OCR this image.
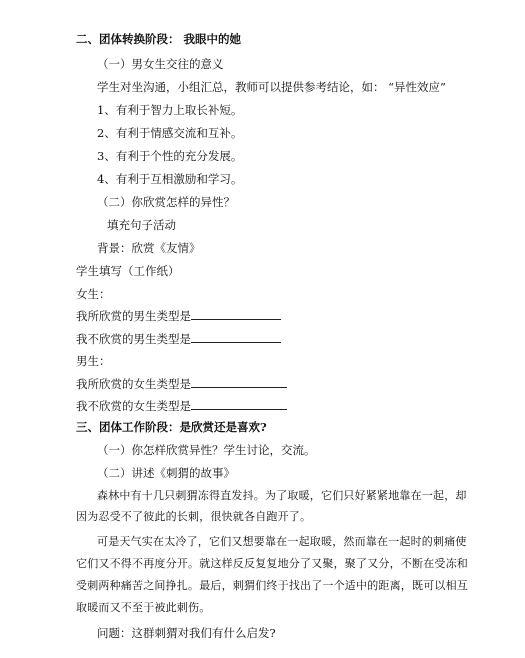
二、团体转换阶段： 我眼中的她
（一）男女生交往的意义
学生对坐沟通，小组汇总，教师可以提供参考结论，如： “异性效应”
1、有利于智力上取长补短。
2、有利于情感交流和互补。
3、有利于个性的充分发展。
4、有利于互相激励和学习。
（二）你欣赏怎样的异性？
填充句子活动
背景：欣赏《友情》
学生填写（工作纸）
女生：
我所欣赏的男生类型是
我不欣赏的男生类型是
男生：
我所欣赏的女生类型是
我不欣赏的女生类型是
三、团体工作阶段：是欣赏还是喜欢?
（一）你怎样欣赏异性？学生讨论，交流。
（二）讲述《刺猬的故事》
森林中有十几只刺猬冻得直发抖。为了取暖，它们只好紧紧地靠在一起，却
因为忍受不了彼此的长刺，很快就各自跑开了。
可是天气实在太冷了，它们又想要靠在一起取暖，然而靠在一起时的刺痛使
它们又不得不再度分开。就这样反反复复地分了又聚，聚了又分，不断在受冻和
受刺两种痛苦之间挣扎。最后，刺猬们终于找出了一个适中的距离，既可以相互
取暖而又不至于被此刺伤。
问题：这群刺猬对我们有什么启发?
